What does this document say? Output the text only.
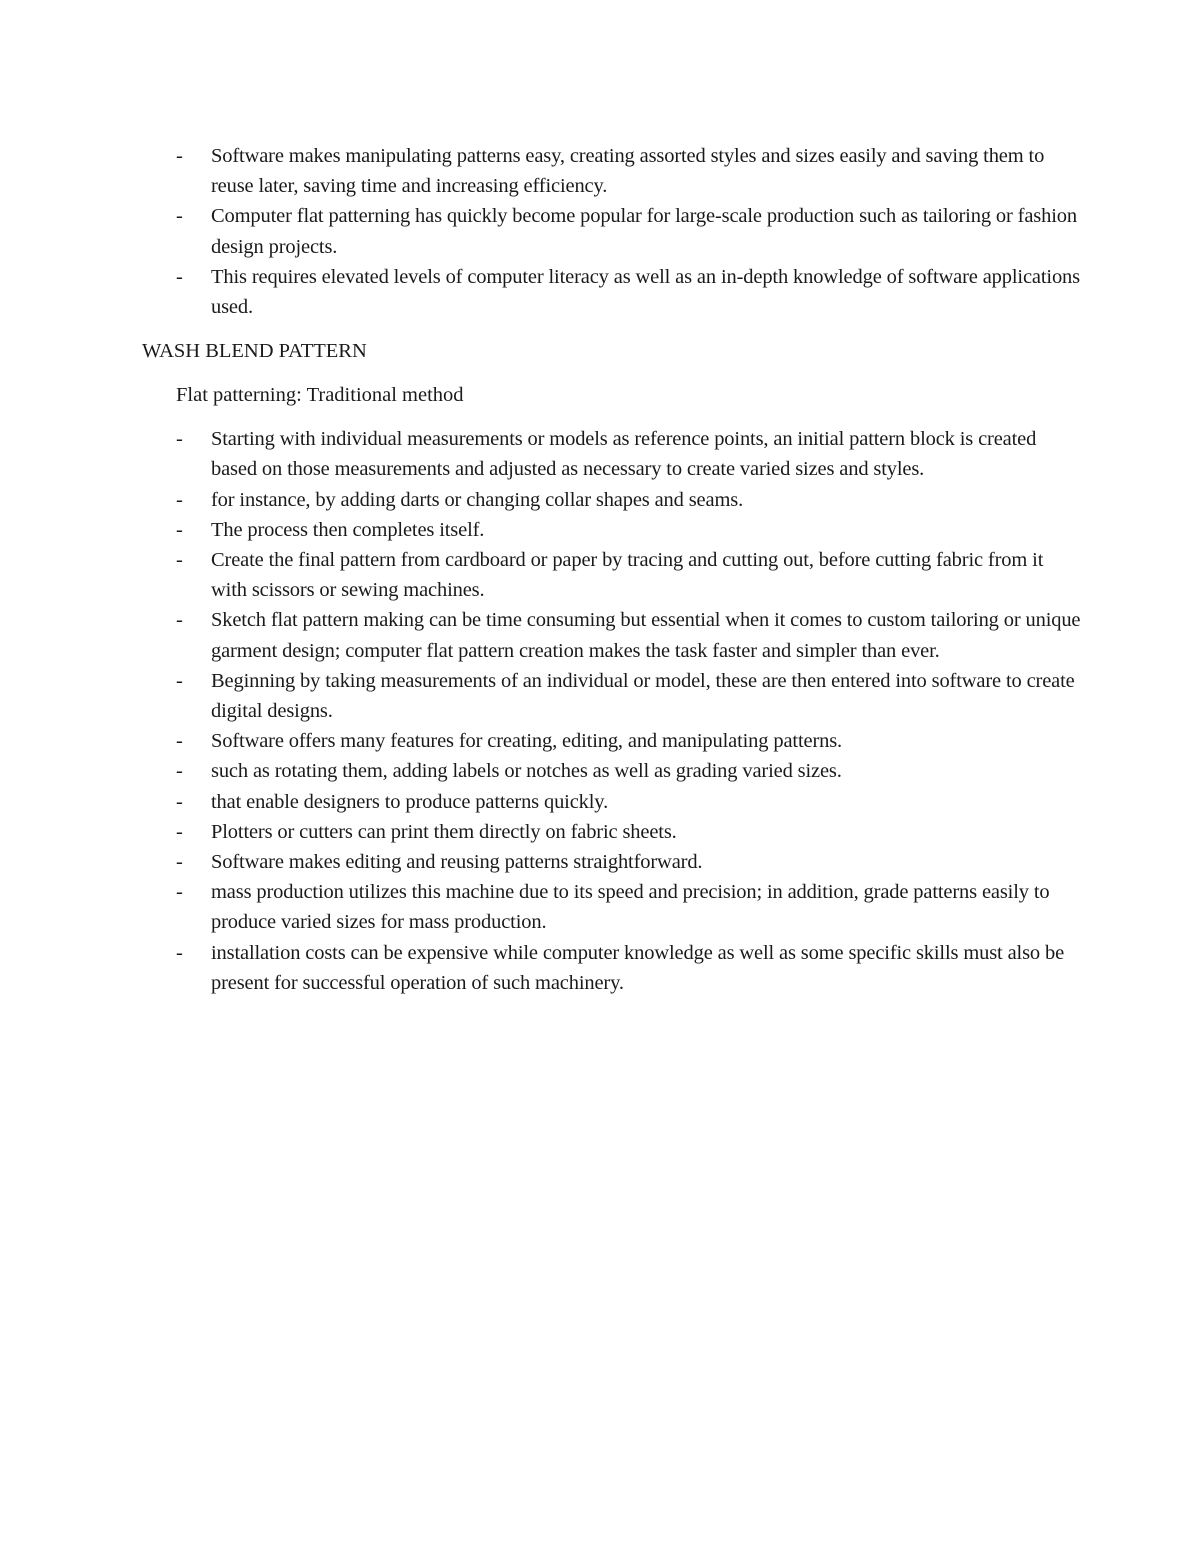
- Software makes manipulating patterns easy, creating assorted styles and sizes easily and saving them to reuse later, saving time and increasing efficiency.
- Computer flat patterning has quickly become popular for large-scale production such as tailoring or fashion design projects.
- This requires elevated levels of computer literacy as well as an in-depth knowledge of software applications used.
WASH BLEND PATTERN
Flat patterning: Traditional method
- Starting with individual measurements or models as reference points, an initial pattern block is created based on those measurements and adjusted as necessary to create varied sizes and styles.
- for instance, by adding darts or changing collar shapes and seams.
- The process then completes itself.
- Create the final pattern from cardboard or paper by tracing and cutting out, before cutting fabric from it with scissors or sewing machines.
- Sketch flat pattern making can be time consuming but essential when it comes to custom tailoring or unique garment design; computer flat pattern creation makes the task faster and simpler than ever.
- Beginning by taking measurements of an individual or model, these are then entered into software to create digital designs.
- Software offers many features for creating, editing, and manipulating patterns.
- such as rotating them, adding labels or notches as well as grading varied sizes.
- that enable designers to produce patterns quickly.
- Plotters or cutters can print them directly on fabric sheets.
- Software makes editing and reusing patterns straightforward.
- mass production utilizes this machine due to its speed and precision; in addition, grade patterns easily to produce varied sizes for mass production.
- installation costs can be expensive while computer knowledge as well as some specific skills must also be present for successful operation of such machinery.
